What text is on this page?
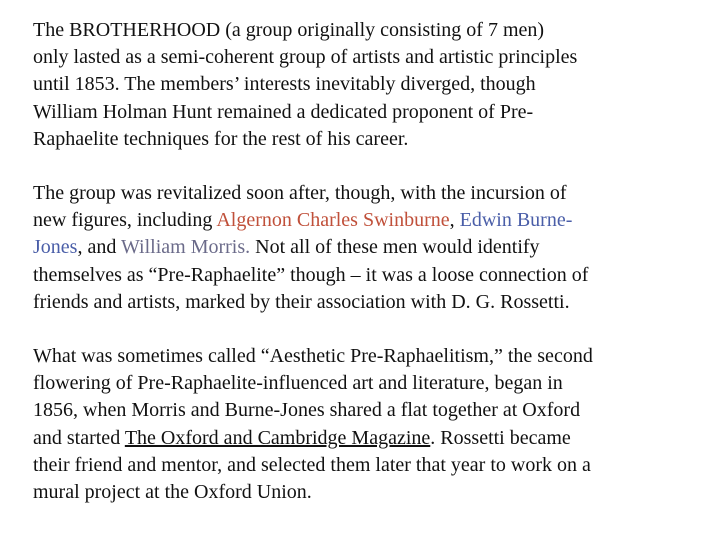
The BROTHERHOOD (a group originally consisting of 7 men)
only lasted as a semi-coherent group of artists and artistic principles
until 1853. The members’ interests inevitably diverged, though
William Holman Hunt remained a dedicated proponent of Pre-
Raphaelite techniques for the rest of his career.

The group was revitalized soon after, though, with the incursion of
new figures, including Algernon Charles Swinburne, Edwin Burne-
Jones, and William Morris. Not all of these men would identify
themselves as “Pre-Raphaelite” though – it was a loose connection of
friends and artists, marked by their association with D. G. Rossetti.

What was sometimes called “Aesthetic Pre-Raphaelitism,” the second
flowering of Pre-Raphaelite-influenced art and literature, began in
1856, when Morris and Burne-Jones shared a flat together at Oxford
and started The Oxford and Cambridge Magazine. Rossetti became
their friend and mentor, and selected them later that year to work on a
mural project at the Oxford Union.
